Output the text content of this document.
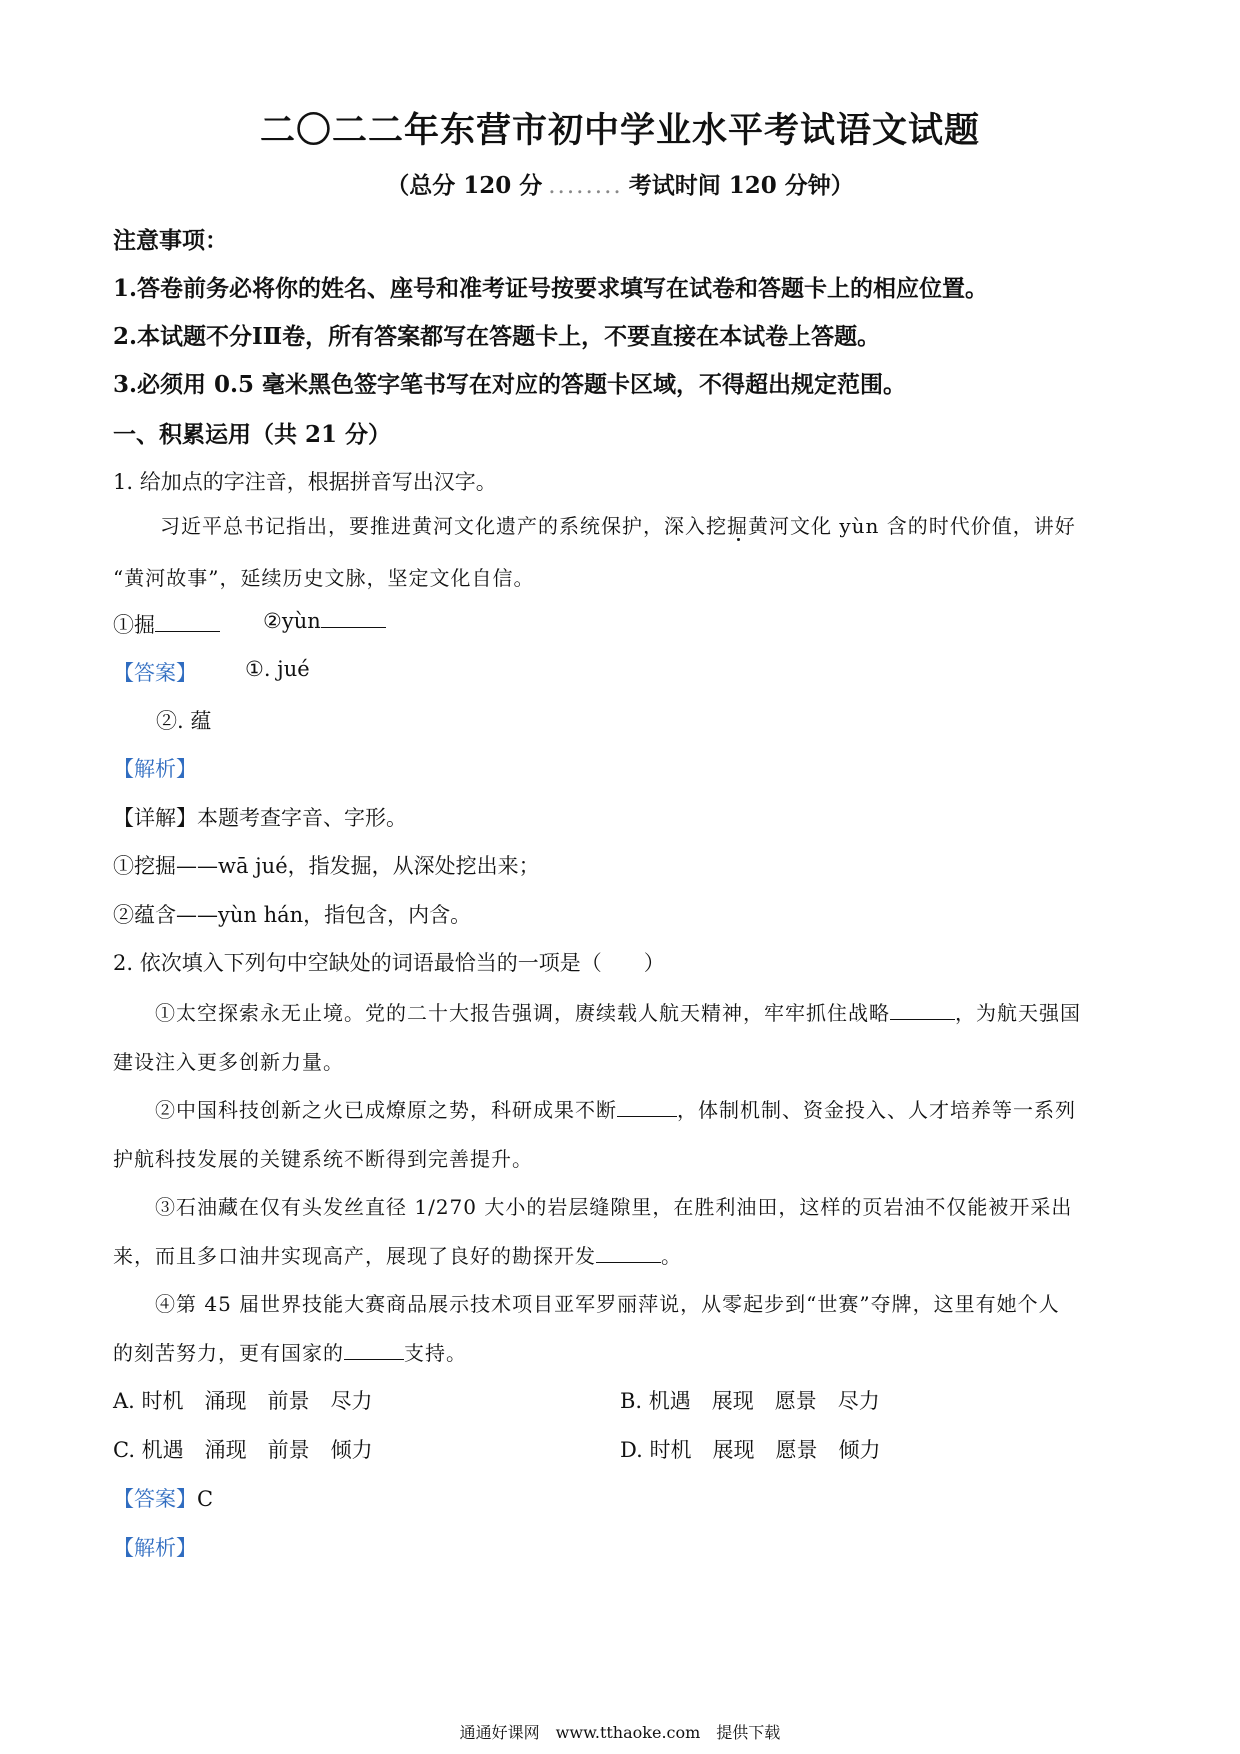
二〇二二年东营市初中学业水平考试语文试题
（总分 120 分 ........ 考试时间 120 分钟）
注意事项：
1.答卷前务必将你的姓名、座号和准考证号按要求填写在试卷和答题卡上的相应位置。
2.本试题不分ⅠⅡ卷，所有答案都写在答题卡上，不要直接在本试卷上答题。
3.必须用 0.5 毫米黑色签字笔书写在对应的答题卡区域，不得超出规定范围。
一、积累运用（共 21 分）
1. 给加点的字注音，根据拼音写出汉字。
习近平总书记指出，要推进黄河文化遗产的系统保护，深入挖掘黄河文化 yùn 含的时代价值，讲好
“黄河故事”，延续历史文脉，坚定文化自信。
①掘	②yùn
【答案】 ①. jué
②. 蕴
【解析】
【详解】本题考查字音、字形。
①挖掘——wā jué，指发掘，从深处挖出来；
②蕴含——yùn hán，指包含，内含。
2. 依次填入下列句中空缺处的词语最恰当的一项是（　　）
①太空探索永无止境。党的二十大报告强调，赓续载人航天精神，牢牢抓住战略	，为航天强国
建设注入更多创新力量。
②中国科技创新之火已成燎原之势，科研成果不断	，体制机制、资金投入、人才培养等一系列
护航科技发展的关键系统不断得到完善提升。
③石油藏在仅有头发丝直径 1/270 大小的岩层缝隙里，在胜利油田，这样的页岩油不仅能被开采出
来，而且多口油井实现高产，展现了良好的勘探开发	。
④第 45 届世界技能大赛商品展示技术项目亚军罗丽萍说，从零起步到“世赛”夺牌，这里有她个人
的刻苦努力，更有国家的	支持。
A. 时机　涌现　前景　尽力	B. 机遇　展现　愿景　尽力
C. 机遇　涌现　前景　倾力	D. 时机　展现　愿景　倾力
【答案】C
【解析】
通通好课网　www.tthaoke.com　提供下载
